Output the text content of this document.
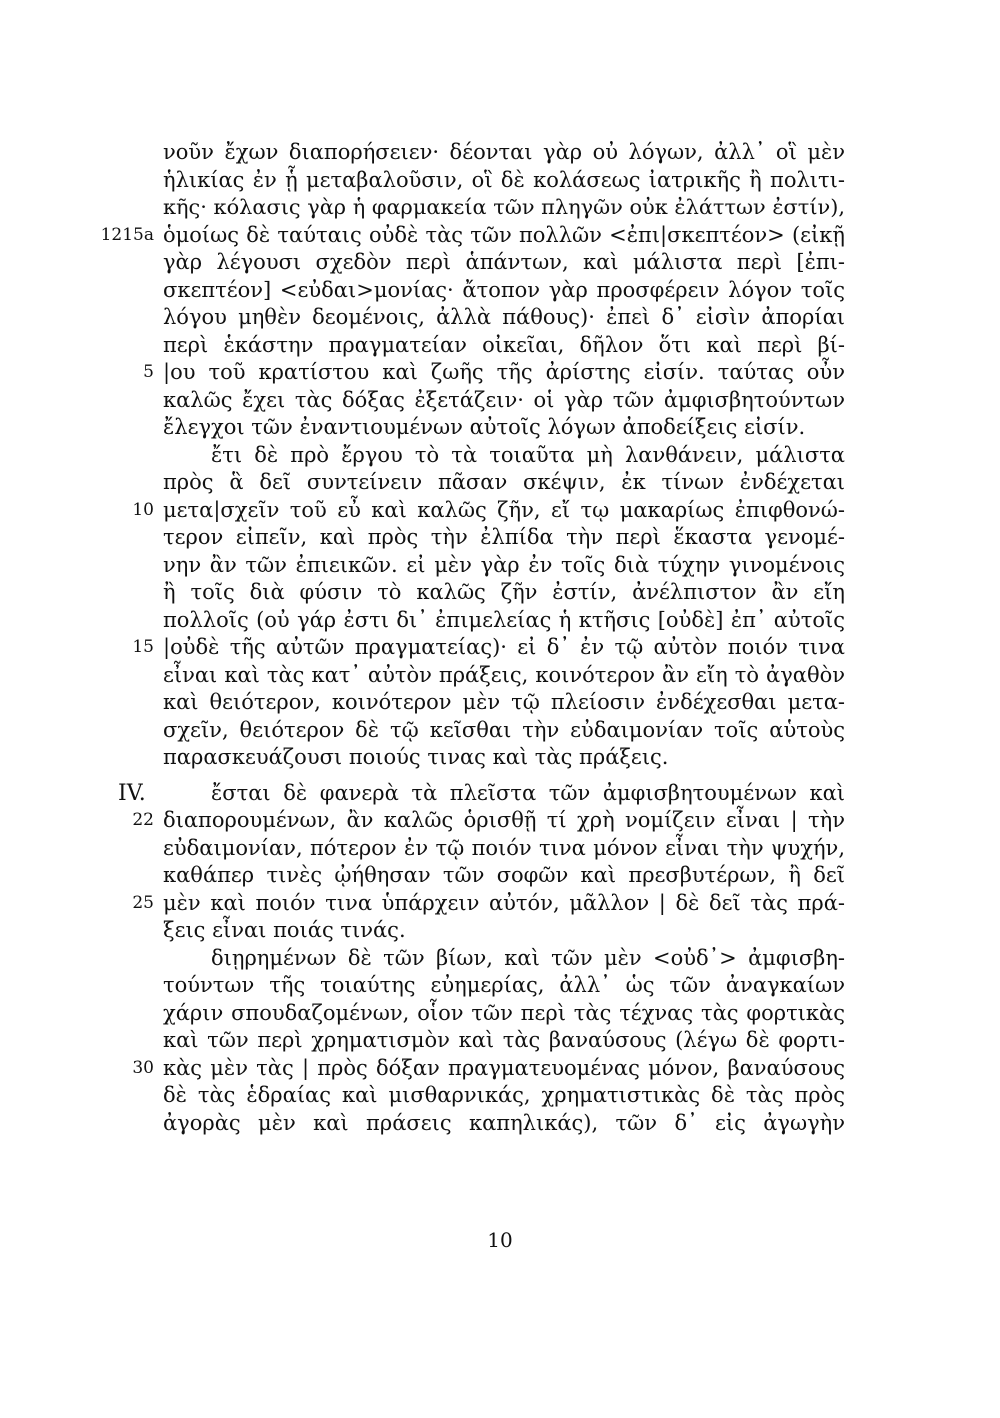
νοῦν ἔχων διαπορήσειεν· δέονται γὰρ οὐ λόγων, ἀλλ᾽ οἳ μὲν
ἡλικίας ἐν ᾗ μεταβαλοῦσιν, οἳ δὲ κολάσεως ἰατρικῆς ἢ πολιτι-
κῆς· κόλασις γὰρ ἡ φαρμακεία τῶν πληγῶν οὐκ ἐλάττων ἐστίν),
1215a ὁμοίως δὲ ταύταις οὐδὲ τὰς τῶν πολλῶν <ἐπι|σκεπτέον> (εἰκῇ
γὰρ λέγουσι σχεδὸν περὶ ἁπάντων, καὶ μάλιστα περὶ [ἐπι-
σκεπτέον] <εὐδαι>μονίας· ἄτοπον γὰρ προσφέρειν λόγον τοῖς
λόγου μηθὲν δεομένοις, ἀλλὰ πάθους)· ἐπεὶ δ᾽ εἰσὶν ἀπορίαι
περὶ ἑκάστην πραγματείαν οἰκεῖαι, δῆλον ὅτι καὶ περὶ βί-
5 |ου τοῦ κρατίστου καὶ ζωῆς τῆς ἀρίστης εἰσίν. ταύτας οὖν
καλῶς ἔχει τὰς δόξας ἐξετάζειν· οἱ γὰρ τῶν ἀμφισβητούντων
ἔλεγχοι τῶν ἐναντιουμένων αὐτοῖς λόγων ἀποδείξεις εἰσίν.
ἔτι δὲ πρὸ ἔργου τὸ τὰ τοιαῦτα μὴ λανθάνειν, μάλιστα
πρὸς ἃ δεῖ συντείνειν πᾶσαν σκέψιν, ἐκ τίνων ἐνδέχεται
10 μετα|σχεῖν τοῦ εὖ καὶ καλῶς ζῆν, εἴ τῳ μακαρίως ἐπιφθονώ-
τερον εἰπεῖν, καὶ πρὸς τὴν ἐλπίδα τὴν περὶ ἕκαστα γενομέ-
νην ἂν τῶν ἐπιεικῶν. εἰ μὲν γὰρ ἐν τοῖς διὰ τύχην γινομένοις
ἢ τοῖς διὰ φύσιν τὸ καλῶς ζῆν ἐστίν, ἀνέλπιστον ἂν εἴη
πολλοῖς (οὐ γάρ ἐστι δι᾽ ἐπιμελείας ἡ κτῆσις [οὐδὲ] ἐπ᾽ αὐτοῖς
15 |οὐδὲ τῆς αὐτῶν πραγματείας)· εἰ δ᾽ ἐν τῷ αὐτὸν ποιόν τινα
εἶναι καὶ τὰς κατ᾽ αὐτὸν πράξεις, κοινότερον ἂν εἴη τὸ ἀγαθὸν
καὶ θειότερον, κοινότερον μὲν τῷ πλείοσιν ἐνδέχεσθαι μετα-
σχεῖν, θειότερον δὲ τῷ κεῖσθαι τὴν εὐδαιμονίαν τοῖς αὑτοὺς
παρασκευάζουσι ποιούς τινας καὶ τὰς πράξεις.
IV.	ἔσται δὲ φανερὰ τὰ πλεῖστα τῶν ἀμφισβητουμένων καὶ
22 διαπορουμένων, ἂν καλῶς ὁρισθῇ τί χρὴ νομίζειν εἶναι | τὴν
εὐδαιμονίαν, πότερον ἐν τῷ ποιόν τινα μόνον εἶναι τὴν ψυχήν,
καθάπερ τινὲς ᾠήθησαν τῶν σοφῶν καὶ πρεσβυτέρων, ἢ δεῖ
25 μὲν καὶ ποιόν τινα ὑπάρχειν αὐτόν, μᾶλλον | δὲ δεῖ τὰς πρά-
ξεις εἶναι ποιάς τινάς.
διῃρημένων δὲ τῶν βίων, καὶ τῶν μὲν <οὐδ᾽> ἀμφισβη-
τούντων τῆς τοιαύτης εὐημερίας, ἀλλ᾽ ὡς τῶν ἀναγκαίων
χάριν σπουδαζομένων, οἷον τῶν περὶ τὰς τέχνας τὰς φορτικὰς
καὶ τῶν περὶ χρηματισμὸν καὶ τὰς βαναύσους (λέγω δὲ φορτι-
30 κὰς μὲν τὰς | πρὸς δόξαν πραγματευομένας μόνον, βαναύσους
δὲ τὰς ἑδραίας καὶ μισθαρνικάς, χρηματιστικὰς δὲ τὰς πρὸς
ἀγορὰς μὲν καὶ πράσεις καπηλικάς), τῶν δ᾽ εἰς ἀγωγὴν
10
